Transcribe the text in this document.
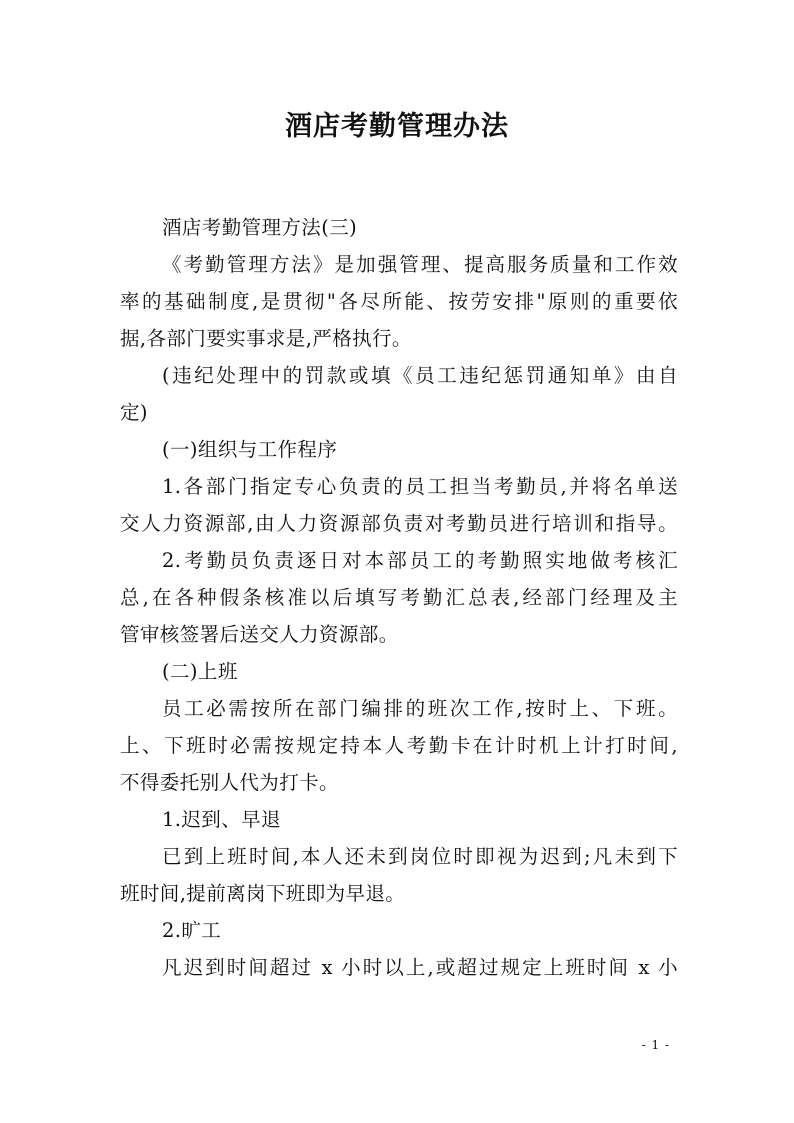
酒店考勤管理办法
酒店考勤管理方法(三)
《考勤管理方法》是加强管理、提高服务质量和工作效
率的基础制度,是贯彻"各尽所能、按劳安排"原则的重要依
据,各部门要实事求是,严格执行。
(违纪处理中的罚款或填《员工违纪惩罚通知单》由自
定)
(一)组织与工作程序
1.各部门指定专心负责的员工担当考勤员,并将名单送
交人力资源部,由人力资源部负责对考勤员进行培训和指导。
2.考勤员负责逐日对本部员工的考勤照实地做考核汇
总,在各种假条核准以后填写考勤汇总表,经部门经理及主
管审核签署后送交人力资源部。
(二)上班
员工必需按所在部门编排的班次工作,按时上、下班。
上、下班时必需按规定持本人考勤卡在计时机上计打时间,
不得委托别人代为打卡。
1.迟到、早退
已到上班时间,本人还未到岗位时即视为迟到;凡未到下
班时间,提前离岗下班即为早退。
2.旷工
凡迟到时间超过 x 小时以上,或超过规定上班时间 x 小
- 1 -
